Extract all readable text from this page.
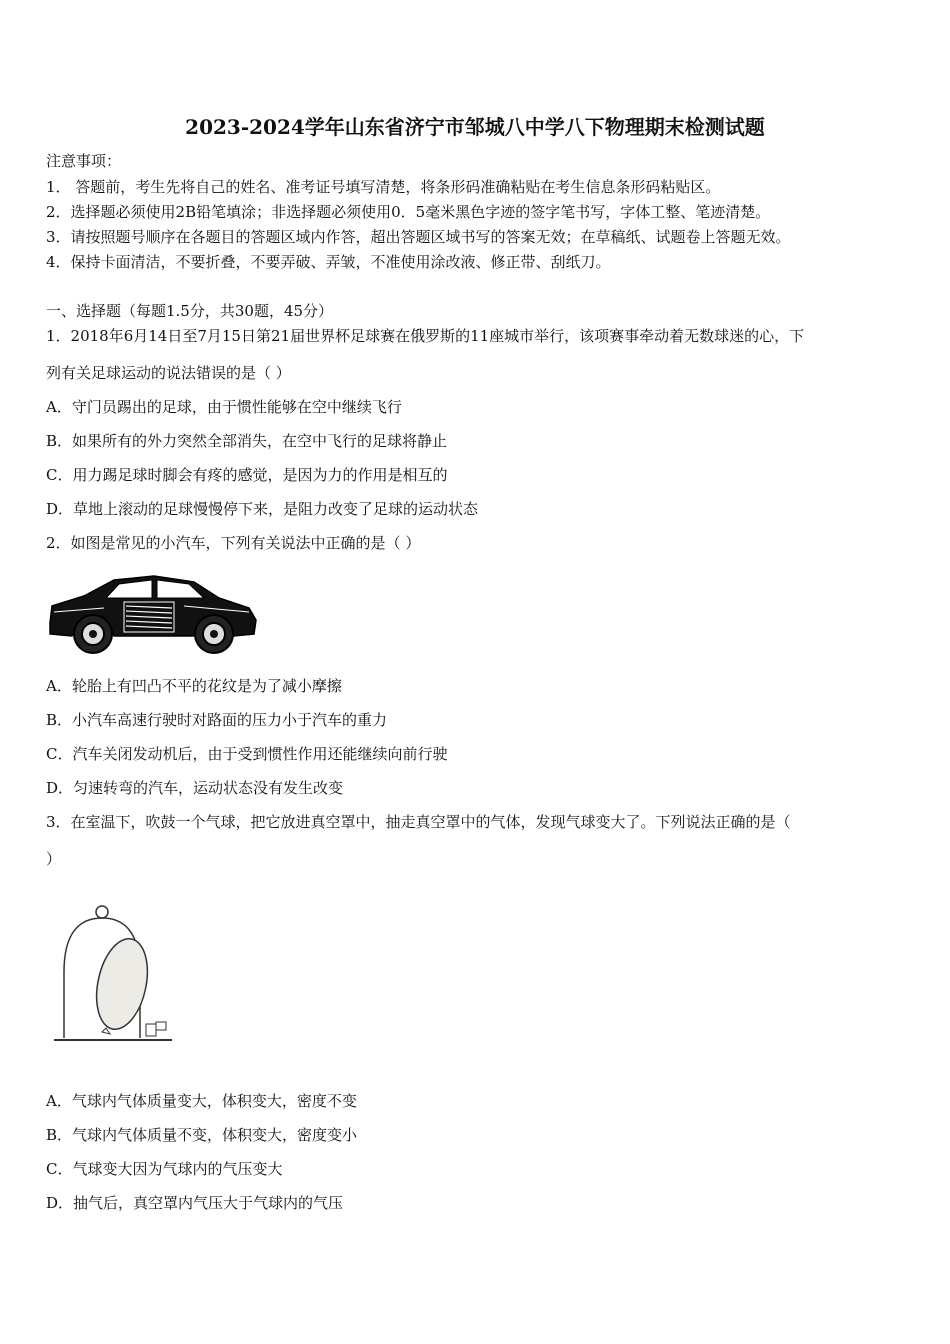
2023-2024学年山东省济宁市邹城八中学八下物理期末检测试题
注意事项：
1． 答题前，考生先将自己的姓名、准考证号填写清楚，将条形码准确粘贴在考生信息条形码粘贴区。
2．选择题必须使用2B铅笔填涂；非选择题必须使用0．5毫米黑色字迹的签字笔书写，字体工整、笔迹清楚。
3．请按照题号顺序在各题目的答题区域内作答，超出答题区域书写的答案无效；在草稿纸、试题卷上答题无效。
4．保持卡面清洁，不要折叠，不要弄破、弄皱，不准使用涂改液、修正带、刮纸刀。
一、选择题（每题1.5分，共30题，45分）
1．2018年6月14日至7月15日第21届世界杯足球赛在俄罗斯的11座城市举行，该项赛事牵动着无数球迷的心，下
列有关足球运动的说法错误的是（ ）
A．守门员踢出的足球，由于惯性能够在空中继续飞行
B．如果所有的外力突然全部消失，在空中飞行的足球将静止
C．用力踢足球时脚会有疼的感觉，是因为力的作用是相互的
D．草地上滚动的足球慢慢停下来，是阻力改变了足球的运动状态
2．如图是常见的小汽车，下列有关说法中正确的是（ ）
A．轮胎上有凹凸不平的花纹是为了减小摩擦
B．小汽车高速行驶时对路面的压力小于汽车的重力
C．汽车关闭发动机后，由于受到惯性作用还能继续向前行驶
D．匀速转弯的汽车，运动状态没有发生改变
3．在室温下，吹鼓一个气球，把它放进真空罩中，抽走真空罩中的气体，发现气球变大了。下列说法正确的是（
）
A．气球内气体质量变大，体积变大，密度不变
B．气球内气体质量不变，体积变大，密度变小
C．气球变大因为气球内的气压变大
D．抽气后，真空罩内气压大于气球内的气压
